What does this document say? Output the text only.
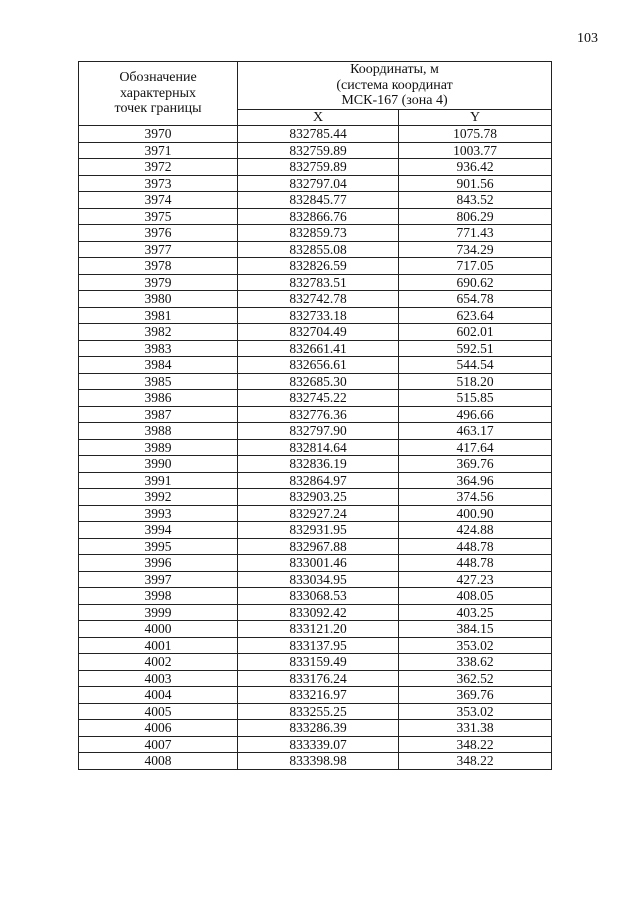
103
Обозначение
характерных
точек границы	Координаты, м
(система координат
МСК-167 (зона 4)	

	X	Y
3970	832785.44	1075.78
3971	832759.89	1003.77
3972	832759.89	936.42
3973	832797.04	901.56
3974	832845.77	843.52
3975	832866.76	806.29
3976	832859.73	771.43
3977	832855.08	734.29
3978	832826.59	717.05
3979	832783.51	690.62
3980	832742.78	654.78
3981	832733.18	623.64
3982	832704.49	602.01
3983	832661.41	592.51
3984	832656.61	544.54
3985	832685.30	518.20
3986	832745.22	515.85
3987	832776.36	496.66
3988	832797.90	463.17
3989	832814.64	417.64
3990	832836.19	369.76
3991	832864.97	364.96
3992	832903.25	374.56
3993	832927.24	400.90
3994	832931.95	424.88
3995	832967.88	448.78
3996	833001.46	448.78
3997	833034.95	427.23
3998	833068.53	408.05
3999	833092.42	403.25
4000	833121.20	384.15
4001	833137.95	353.02
4002	833159.49	338.62
4003	833176.24	362.52
4004	833216.97	369.76
4005	833255.25	353.02
4006	833286.39	331.38
4007	833339.07	348.22
4008	833398.98	348.22
